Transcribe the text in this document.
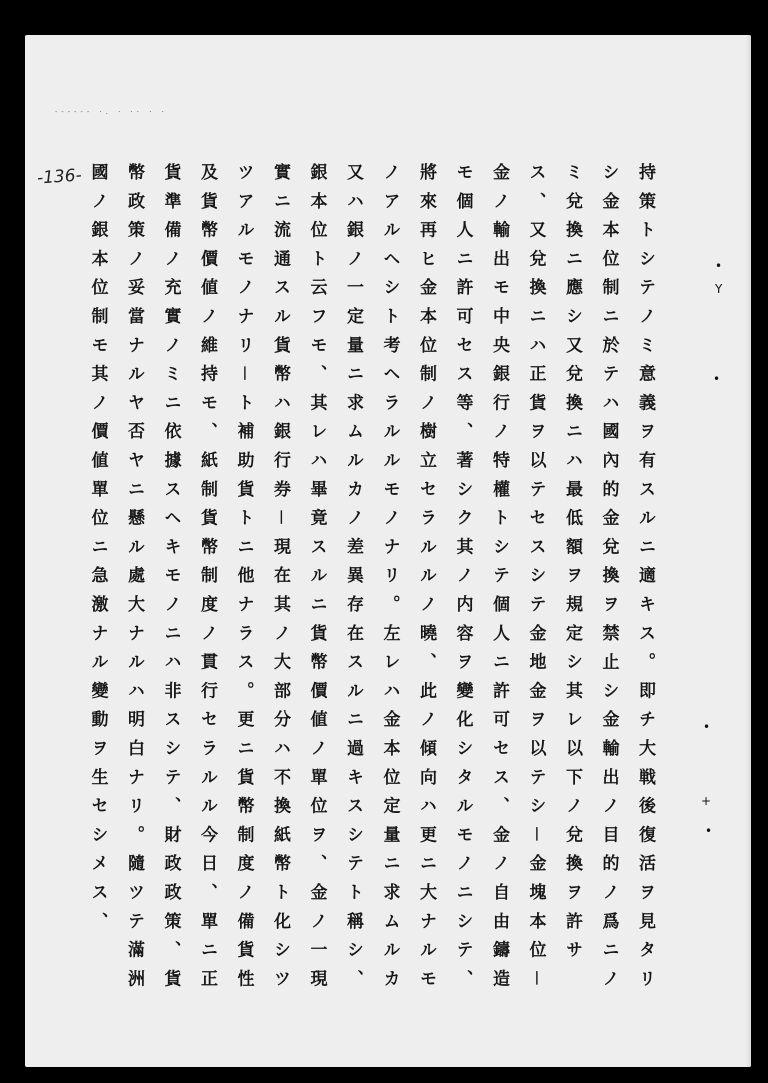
------ ·. · ·· · ·
-136-
•
Y
•
•
+
•
持策トシテノミ意義ヲ有スルニ適キス。即チ大戦後復活ヲ見タリシ金本位制ニ於テハ國內的金兌換ヲ禁止シ金輸出ノ目的ノ爲ニノミ兌換ニ應シ又兌換ニハ最低額ヲ規定シ其レ以下ノ兌換ヲ許サス、又兌換ニハ正貨ヲ以テセスシテ金地金ヲ以テシ－金塊本位－金ノ輸出モ中央銀行ノ特權トシテ個人ニ許可セス、金ノ自由鑄造モ個人ニ許可セス等、著シク其ノ内容ヲ變化シタルモノニシテ、將來再ヒ金本位制ノ樹立セラルルノ曉、此ノ傾向ハ更ニ大ナルモノアルヘシト考ヘラルルモノナリ。左レハ金本位定量ニ求ムルカ又ハ銀ノ一定量ニ求ムルカノ差異存在スルニ過キスシテト稱シ、銀本位ト云フモ、其レハ畢竟スルニ貨幣價値ノ單位ヲ、金ノ一現實ニ流通スル貨幣ハ銀行券－現在其ノ大部分ハ不換紙幣ト化シツツアルモノナリ－ト補助貨トニ他ナラス。更ニ貨幣制度ノ備貨性及貨幣價値ノ維持モ、紙制貨幣制度ノ貫行セラルル今日、單ニ正貨準備ノ充實ノミニ依據スヘキモノニハ非スシテ、財政政策、貨幣政策ノ妥當ナルヤ否ヤニ懸ル處大ナルハ明白ナリ。隨ツテ滿洲國ノ銀本位制モ其ノ價値單位ニ急激ナル變動ヲ生セシメス、
